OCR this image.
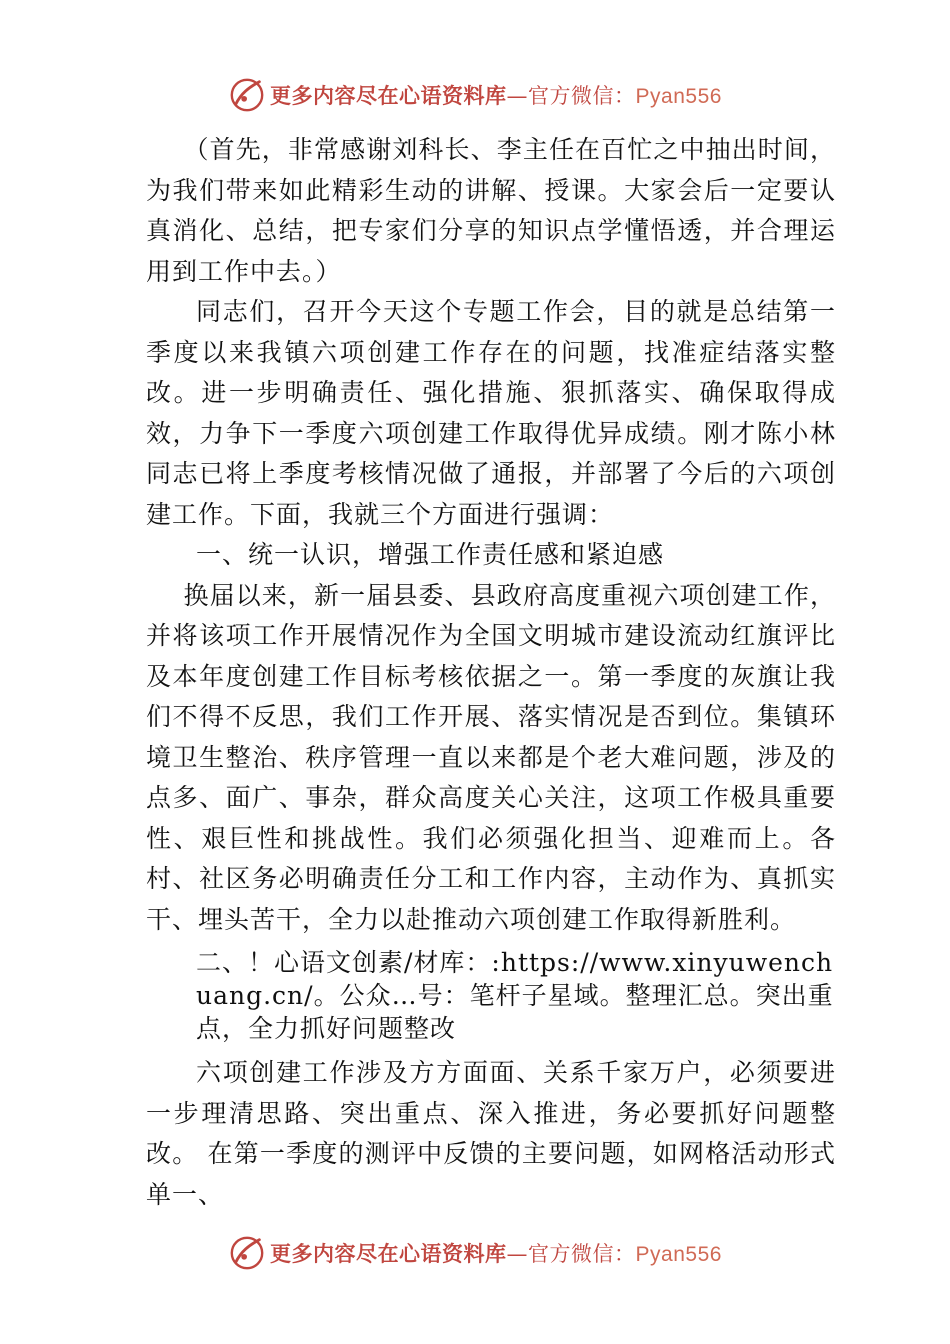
更多内容尽在心语资料库—官方微信：Pyan556

（首先，非常感谢刘科长、李主任在百忙之中抽出时间，为我们带来如此精彩生动的讲解、授课。大家会后一定要认真消化、总结，把专家们分享的知识点学懂悟透，并合理运用到工作中去。）

同志们，召开今天这个专题工作会，目的就是总结第一季度以来我镇六项创建工作存在的问题，找准症结落实整改。进一步明确责任、强化措施、狠抓落实、确保取得成效，力争下一季度六项创建工作取得优异成绩。刚才陈小林同志已将上季度考核情况做了通报，并部署了今后的六项创建工作。下面，我就三个方面进行强调：

一、统一认识，增强工作责任感和紧迫感

换届以来，新一届县委、县政府高度重视六项创建工作，并将该项工作开展情况作为全国文明城市建设流动红旗评比及本年度创建工作目标考核依据之一。第一季度的灰旗让我们不得不反思，我们工作开展、落实情况是否到位。集镇环境卫生整治、秩序管理一直以来都是个老大难问题，涉及的点多、面广、事杂，群众高度关心关注，这项工作极具重要性、艰巨性和挑战性。我们必须强化担当、迎难而上。各村、社区务必明确责任分工和工作内容，主动作为、真抓实干、埋头苦干，全力以赴推动六项创建工作取得新胜利。

二、！心语文创素/材库：:https://www.xinyuwenchuang.cn/。公众…号：笔杆子星域。整理汇总。突出重点，全力抓好问题整改

六项创建工作涉及方方面面、关系千家万户，必须要进一步理清思路、突出重点、深入推进，务必要抓好问题整改。 在第一季度的测评中反馈的主要问题，如网格活动形式单一、

更多内容尽在心语资料库—官方微信：Pyan556
